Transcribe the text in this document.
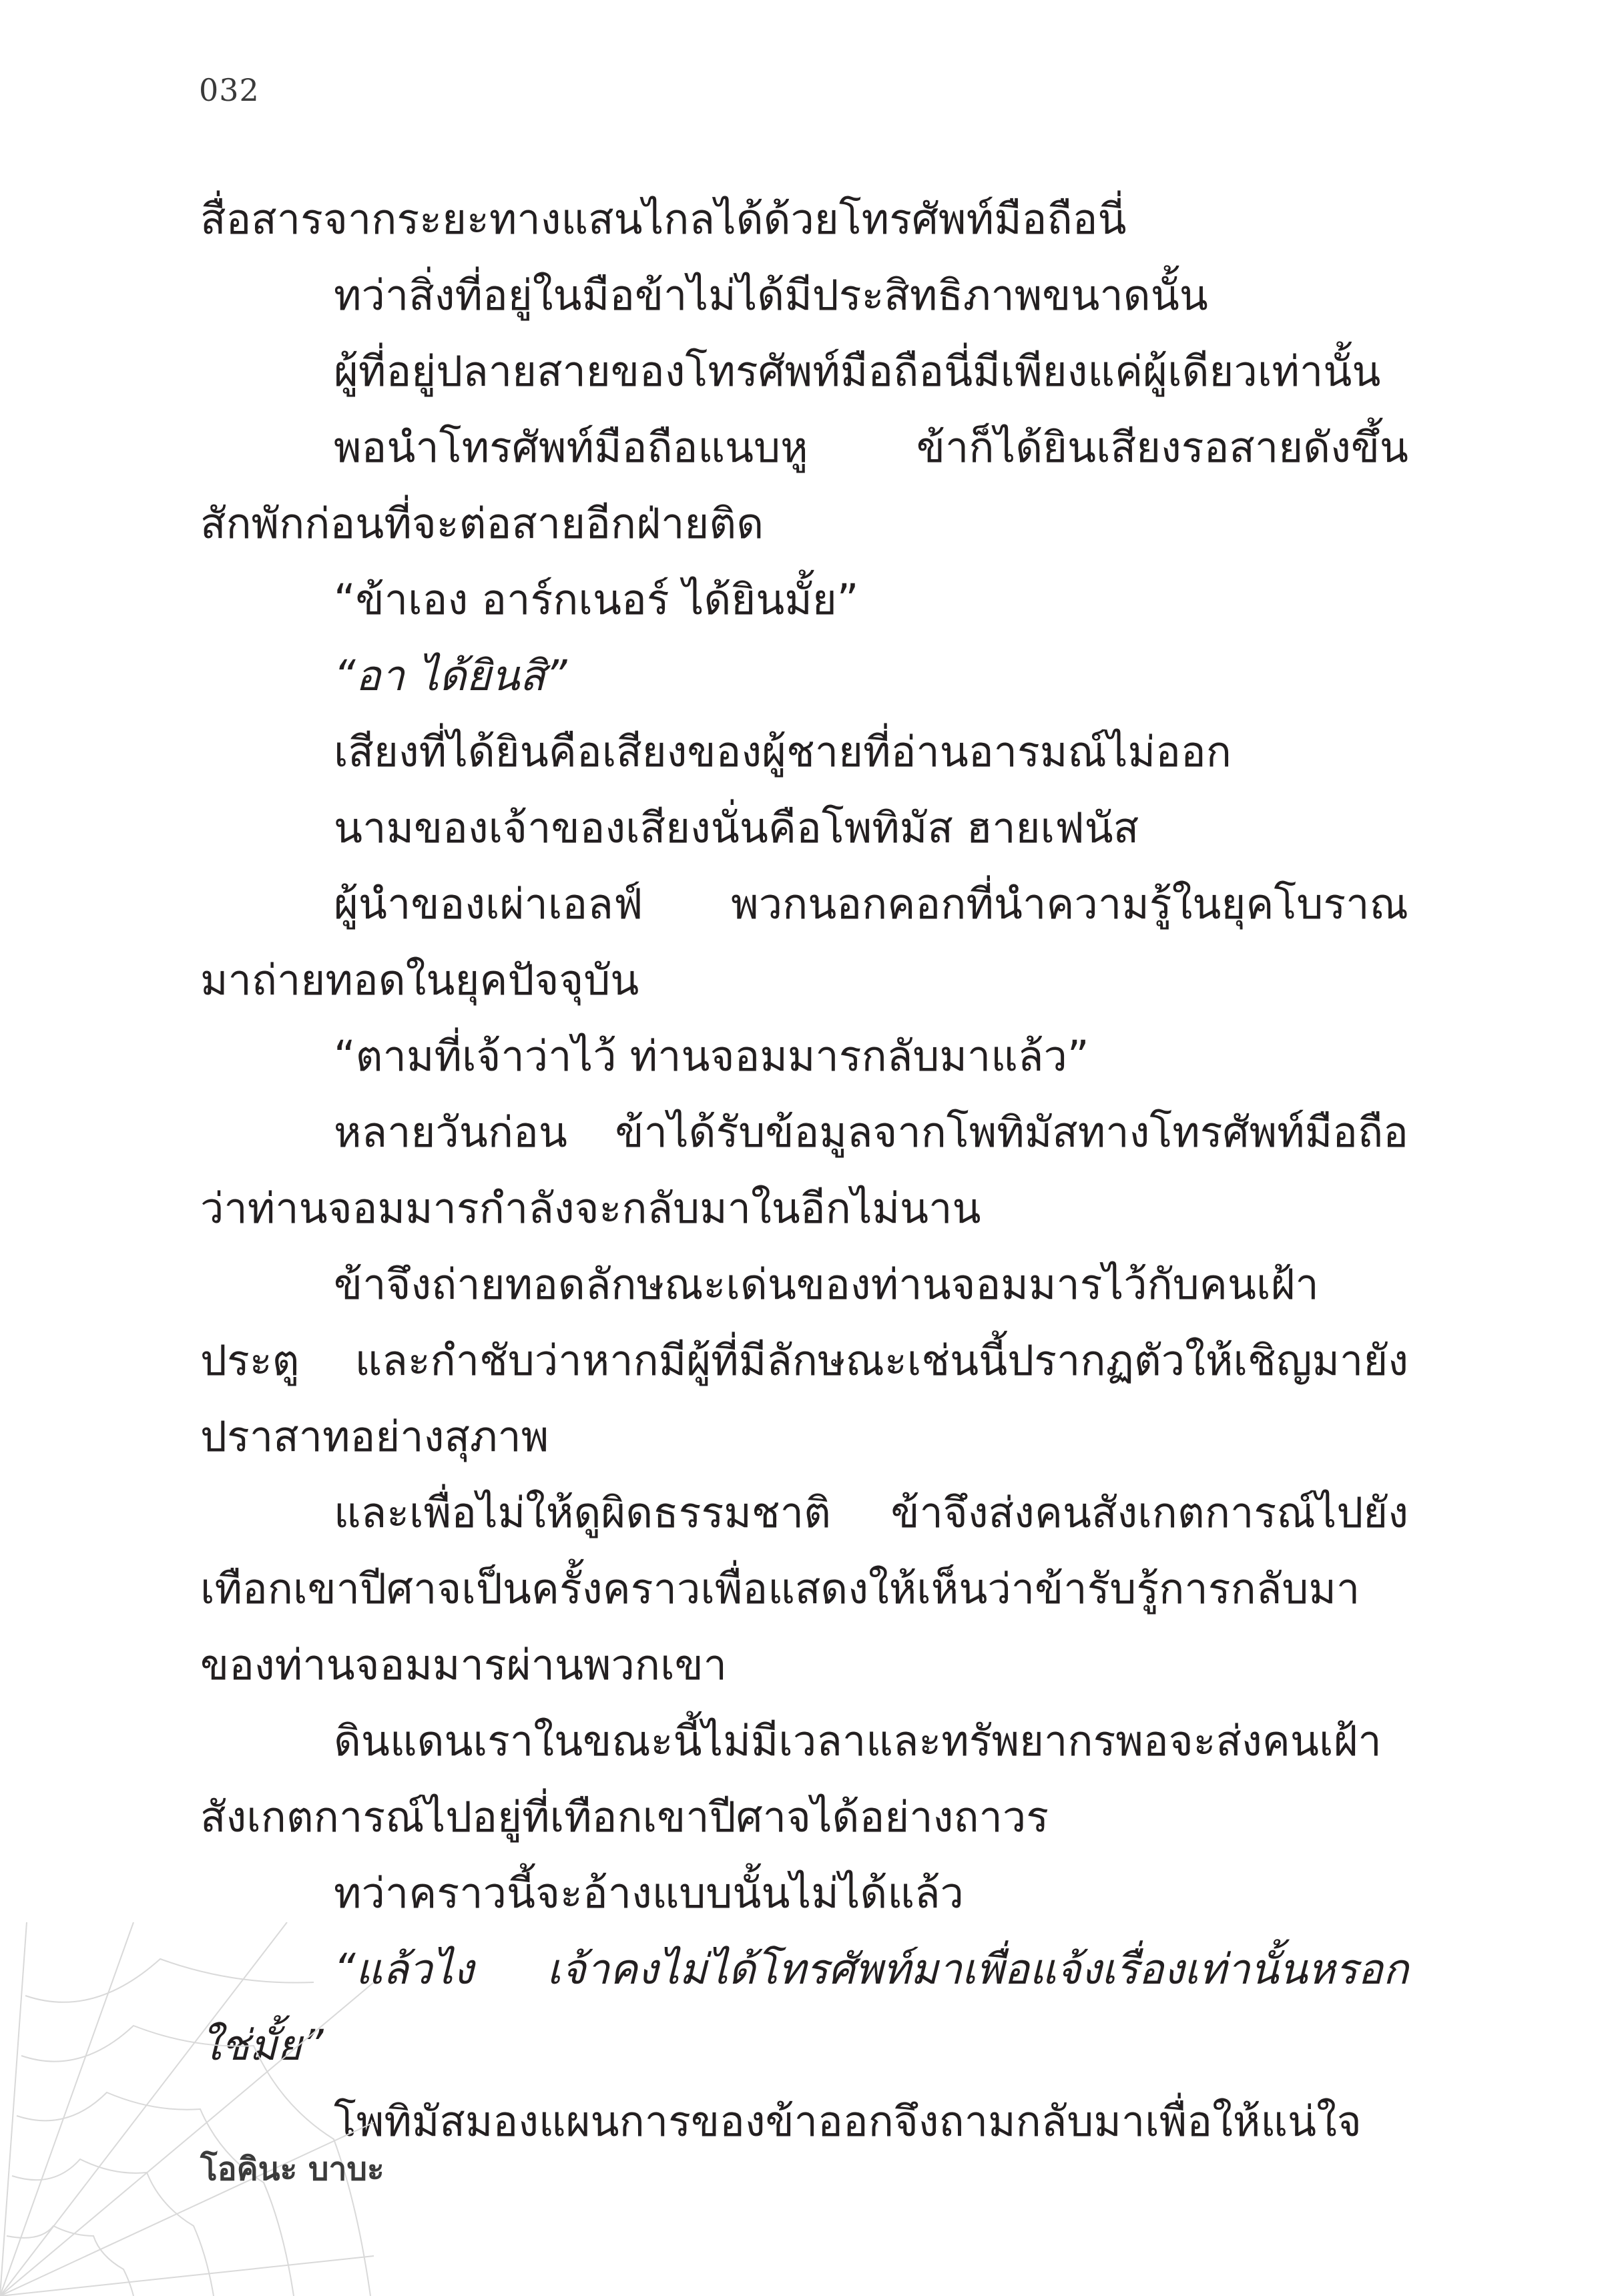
032
สื่อสารจากระยะทางแสนไกลได้ด้วยโทรศัพท์มือถือนี่
ทว่าสิ่งที่อยู่ในมือข้าไม่ได้มีประสิทธิภาพขนาดนั้น
ผู้ที่อยู่ปลายสายของโทรศัพท์มือถือนี่มีเพียงแค่ผู้เดียวเท่านั้น
พอนำโทรศัพท์มือถือแนบหู ข้าก็ได้ยินเสียงรอสายดังขึ้น
สักพักก่อนที่จะต่อสายอีกฝ่ายติด
“ข้าเอง อาร์กเนอร์ ได้ยินมั้ย”
“อา ได้ยินสิ”
เสียงที่ได้ยินคือเสียงของผู้ชายที่อ่านอารมณ์ไม่ออก
นามของเจ้าของเสียงนั่นคือโพทิมัส ฮายเฟนัส
ผู้นำของเผ่าเอลฟ์ พวกนอกคอกที่นำความรู้ในยุคโบราณ
มาถ่ายทอดในยุคปัจจุบัน
“ตามที่เจ้าว่าไว้ ท่านจอมมารกลับมาแล้ว”
หลายวันก่อน ข้าได้รับข้อมูลจากโพทิมัสทางโทรศัพท์มือถือ
ว่าท่านจอมมารกำลังจะกลับมาในอีกไม่นาน
ข้าจึงถ่ายทอดลักษณะเด่นของท่านจอมมารไว้กับคนเฝ้า
ประตู และกำชับว่าหากมีผู้ที่มีลักษณะเช่นนี้ปรากฏตัวให้เชิญมายัง
ปราสาทอย่างสุภาพ
และเพื่อไม่ให้ดูผิดธรรมชาติ ข้าจึงส่งคนสังเกตการณ์ไปยัง
เทือกเขาปีศาจเป็นครั้งคราวเพื่อแสดงให้เห็นว่าข้ารับรู้การกลับมา
ของท่านจอมมารผ่านพวกเขา
ดินแดนเราในขณะนี้ไม่มีเวลาและทรัพยากรพอจะส่งคนเฝ้า
สังเกตการณ์ไปอยู่ที่เทือกเขาปีศาจได้อย่างถาวร
ทว่าคราวนี้จะอ้างแบบนั้นไม่ได้แล้ว
“แล้วไง เจ้าคงไม่ได้โทรศัพท์มาเพื่อแจ้งเรื่องเท่านั้นหรอก
ใช่มั้ย”
โพทิมัสมองแผนการของข้าออกจึงถามกลับมาเพื่อให้แน่ใจ
โอคินะ บาบะ
